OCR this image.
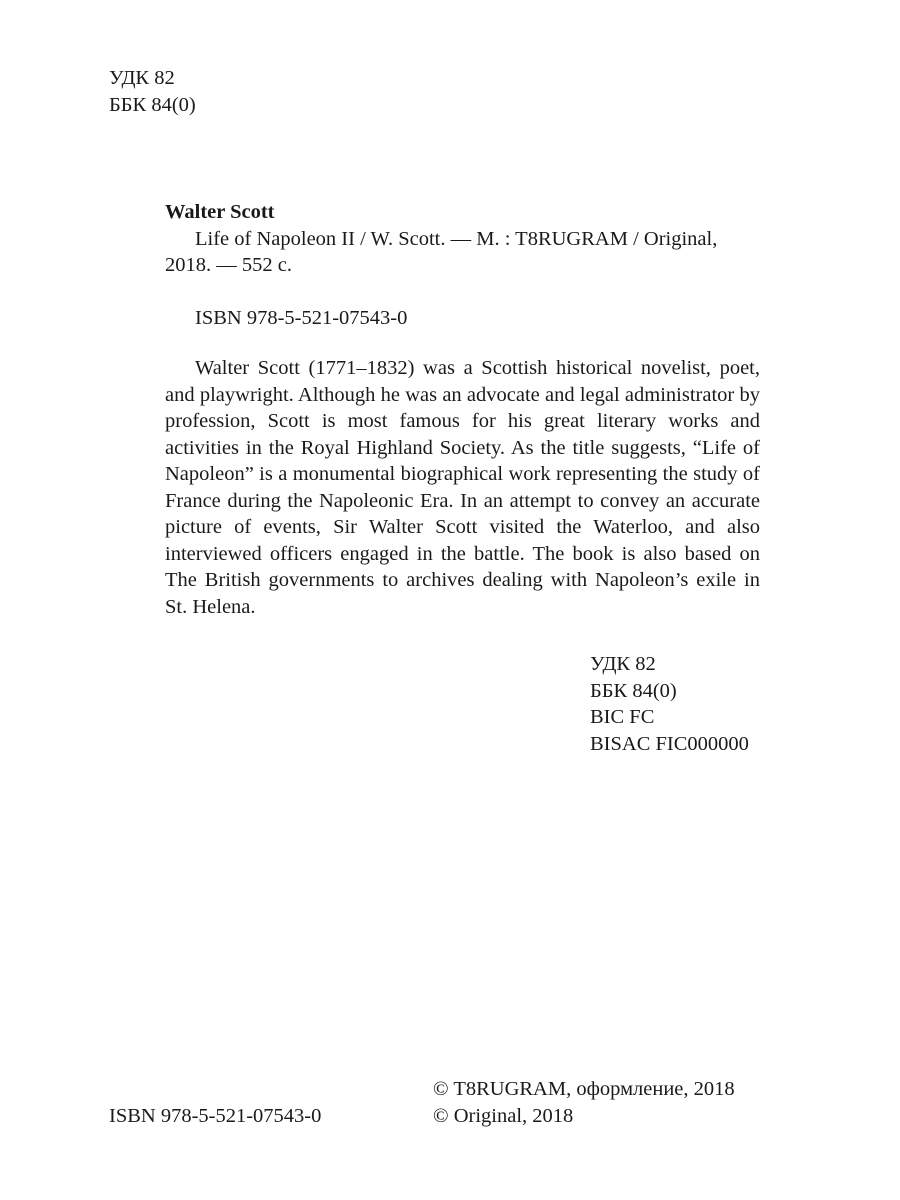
УДК 82
ББК 84(0)
Walter Scott
Life of Napoleon II / W. Scott. — M. : T8RUGRAM / Original,
2018. — 552 c.
ISBN 978-5-521-07543-0

Walter Scott (1771–1832) was a Scottish historical novelist, poet, and playwright. Although he was an advocate and legal administrator by profession, Scott is most famous for his great literary works and activities in the Royal Highland Society. As the title suggests, “Life of Napoleon” is a monumental biographical work representing the study of France during the Napoleonic Era. In an attempt to convey an accurate picture of events, Sir Walter Scott visited the Waterloo, and also interviewed officers engaged in the battle. The book is also based on The British governments to archives dealing with Napoleon’s exile in St. Helena.

УДК 82
ББК 84(0)
BIC FC
BISAC FIC000000
© T8RUGRAM, оформление, 2018
© Original, 2018
ISBN 978-5-521-07543-0
